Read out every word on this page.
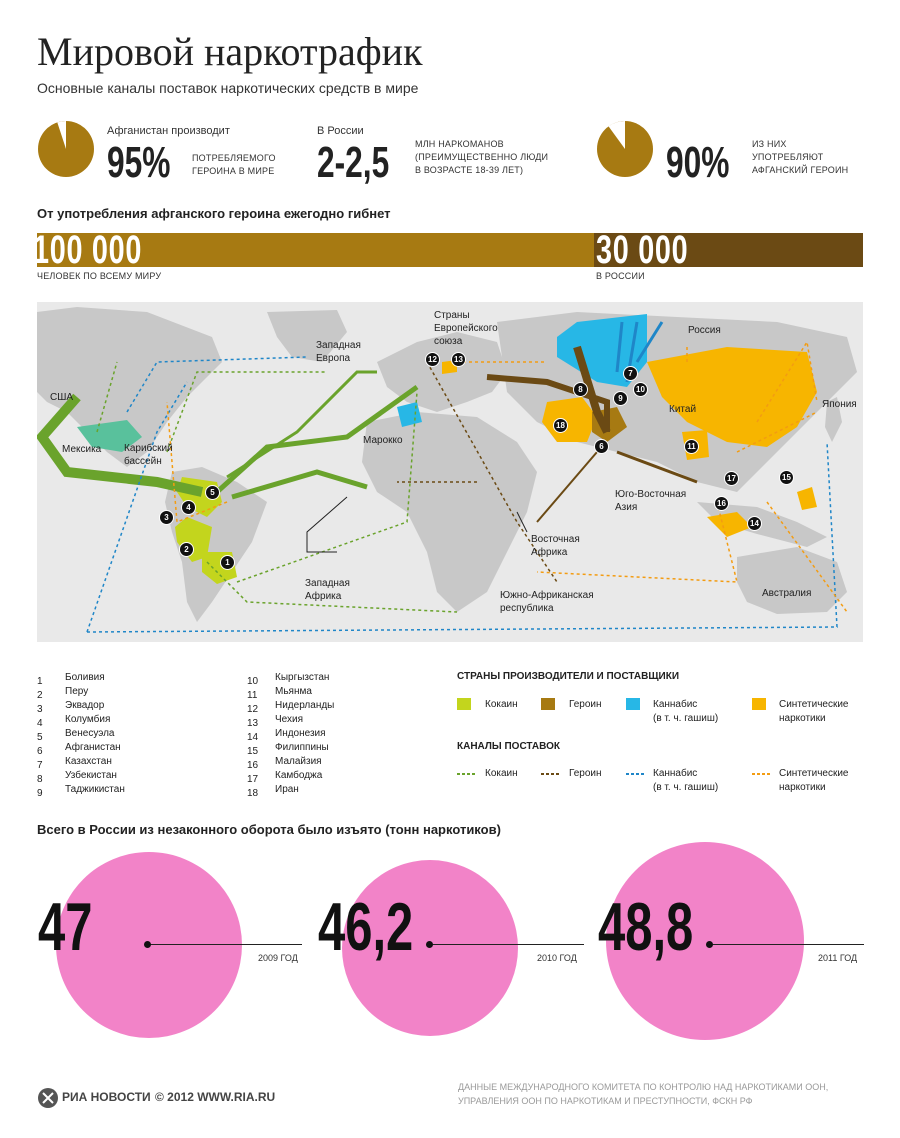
Мировой наркотрафик
Основные каналы поставок наркотических средств в мире
Афганистан производит
95% ПОТРЕБЛЯЕМОГО
ГЕРОИНА В МИРЕ
В России
2-2,5	МЛН НАРКОМАНОВ
(ПРЕИМУЩЕСТВЕННО ЛЮДИ
В ВОЗРАСТЕ 18-39 ЛЕТ)	90%	ИЗ НИХ
УПОТРЕБЛЯЮТ
АФГАНСКИЙ ГЕРОИН
От употребления афганского героина ежегодно гибнет
100 000	30 000
ЧЕЛОВЕК ПО ВСЕМУ МИРУ	В РОССИИ
США
Мексика Карибский
бассейн
Западная
Европа
Страны
Европейского
союза
Марокко
Россия
Китай	Япония
Юго-Восточная
Азия
Восточная
Африка
Западная
Африка	Южно-Африканская
республика
Австралия
1
2
3
4
5
6
7
8
9
10
11
12	13
14
15
16
17
18
1 Боливия
2 Перу
3 Эквадор
4 Колумбия
5 Венесуэла
6 Афганистан
7 Казахстан
8 Узбекистан
9 Таджикистан
10 Кыргызстан
11 Мьянма
12 Нидерланды
13 Чехия
14 Индонезия
15 Филиппины
16 Малайзия
17 Камбоджа
18 Иран
СТРАНЫ ПРОИЗВОДИТЕЛИ И ПОСТАВЩИКИ
Кокаин	Героин	Каннабис
(в т. ч. гашиш)
Синтетические
наркотики
КАНАЛЫ ПОСТАВОК
Кокаин	Героин	Каннабис
(в т. ч. гашиш)
Синтетические
наркотики
Всего в России из незаконного оборота было изъято (тонн наркотиков)
47	2009 ГОД 46,2	2010 ГОД 48,8	2011 ГОД
РИА НОВОСТИ © 2012 WWW.RIA.RU
ДАННЫЕ МЕЖДУНАРОДНОГО КОМИТЕТА ПО КОНТРОЛЮ НАД НАРКОТИКАМИ ООН,
УПРАВЛЕНИЯ ООН ПО НАРКОТИКАМ И ПРЕСТУПНОСТИ, ФСКН РФ
